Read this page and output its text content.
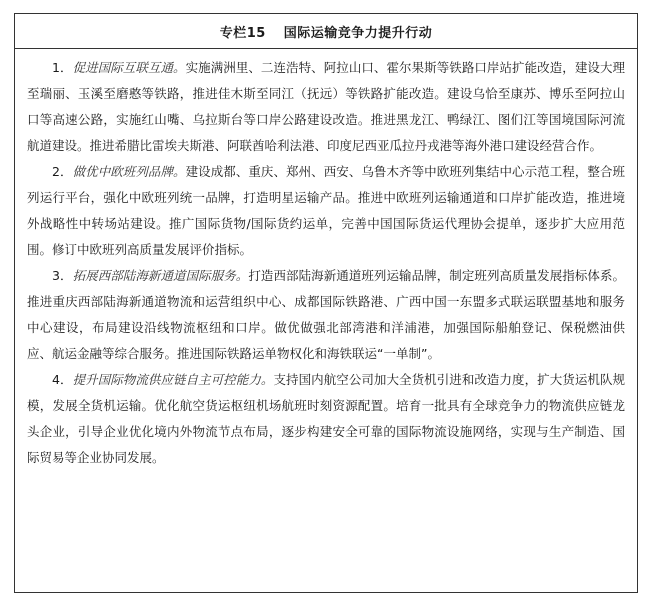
专栏15 国际运输竞争力提升行动

1．促进国际互联互通。实施满洲里、二连浩特、阿拉山口、霍尔果斯等铁路口岸站扩能改造，建设大理至瑞丽、玉溪至磨憨等铁路，推进佳木斯至同江（抚远）等铁路扩能改造。建设乌恰至康苏、博乐至阿拉山口等高速公路，实施红山嘴、乌拉斯台等口岸公路建设改造。推进黑龙江、鸭绿江、图们江等国境国际河流航道建设。推进希腊比雷埃夫斯港、阿联酋哈利法港、印度尼西亚瓜拉丹戎港等海外港口建设经营合作。

2．做优中欧班列品牌。建设成都、重庆、郑州、西安、乌鲁木齐等中欧班列集结中心示范工程，整合班列运行平台，强化中欧班列统一品牌，打造明星运输产品。推进中欧班列运输通道和口岸扩能改造，推进境外战略性中转场站建设。推广国际货物/国际货约运单，完善中国国际货运代理协会提单，逐步扩大应用范围。修订中欧班列高质量发展评价指标。

3．拓展西部陆海新通道国际服务。打造西部陆海新通道班列运输品牌，制定班列高质量发展指标体系。推进重庆西部陆海新通道物流和运营组织中心、成都国际铁路港、广西中国一东盟多式联运联盟基地和服务中心建设，布局建设沿线物流枢纽和口岸。做优做强北部湾港和洋浦港，加强国际船舶登记、保税燃油供应、航运金融等综合服务。推进国际铁路运单物权化和海铁联运“一单制”。

4．提升国际物流供应链自主可控能力。支持国内航空公司加大全货机引进和改造力度，扩大货运机队规模，发展全货机运输。优化航空货运枢纽机场航班时刻资源配置。培育一批具有全球竞争力的物流供应链龙头企业，引导企业优化境内外物流节点布局，逐步构建安全可靠的国际物流设施网络，实现与生产制造、国际贸易等企业协同发展。
